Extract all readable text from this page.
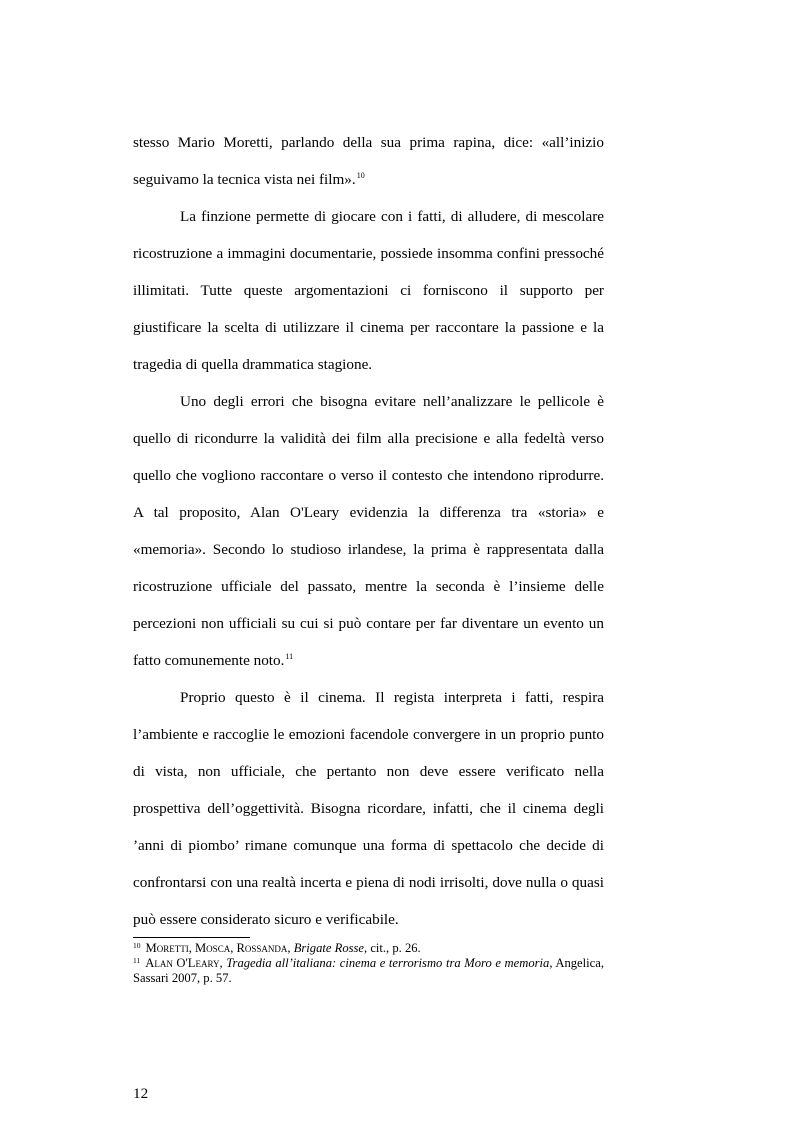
stesso Mario Moretti, parlando della sua prima rapina, dice: «all’inizio seguivamo la tecnica vista nei film».$^{10}$

La finzione permette di giocare con i fatti, di alludere, di mescolare ricostruzione a immagini documentarie, possiede insomma confini pressoché illimitati. Tutte queste argomentazioni ci forniscono il supporto per giustificare la scelta di utilizzare il cinema per raccontare la passione e la tragedia di quella drammatica stagione.

Uno degli errori che bisogna evitare nell’analizzare le pellicole è quello di ricondurre la validità dei film alla precisione e alla fedeltà verso quello che vogliono raccontare o verso il contesto che intendono riprodurre. A tal proposito, Alan O'Leary evidenzia la differenza tra «storia» e «memoria». Secondo lo studioso irlandese, la prima è rappresentata dalla ricostruzione ufficiale del passato, mentre la seconda è l’insieme delle percezioni non ufficiali su cui si può contare per far diventare un evento un fatto comunemente noto.$^{11}$

Proprio questo è il cinema. Il regista interpreta i fatti, respira l’ambiente e raccoglie le emozioni facendole convergere in un proprio punto di vista, non ufficiale, che pertanto non deve essere verificato nella prospettiva dell’oggettività. Bisogna ricordare, infatti, che il cinema degli ’anni di piombo’ rimane comunque una forma di spettacolo che decide di confrontarsi con una realtà incerta e piena di nodi irrisolti, dove nulla o quasi può essere considerato sicuro e verificabile.

$^{10}$ Moretti, Mosca, Rossanda, Brigate Rosse, cit., p. 26.

$^{11}$ Alan O'Leary, Tragedia all’italiana: cinema e terrorismo tra Moro e memoria, Angelica, Sassari 2007, p. 57.

12
